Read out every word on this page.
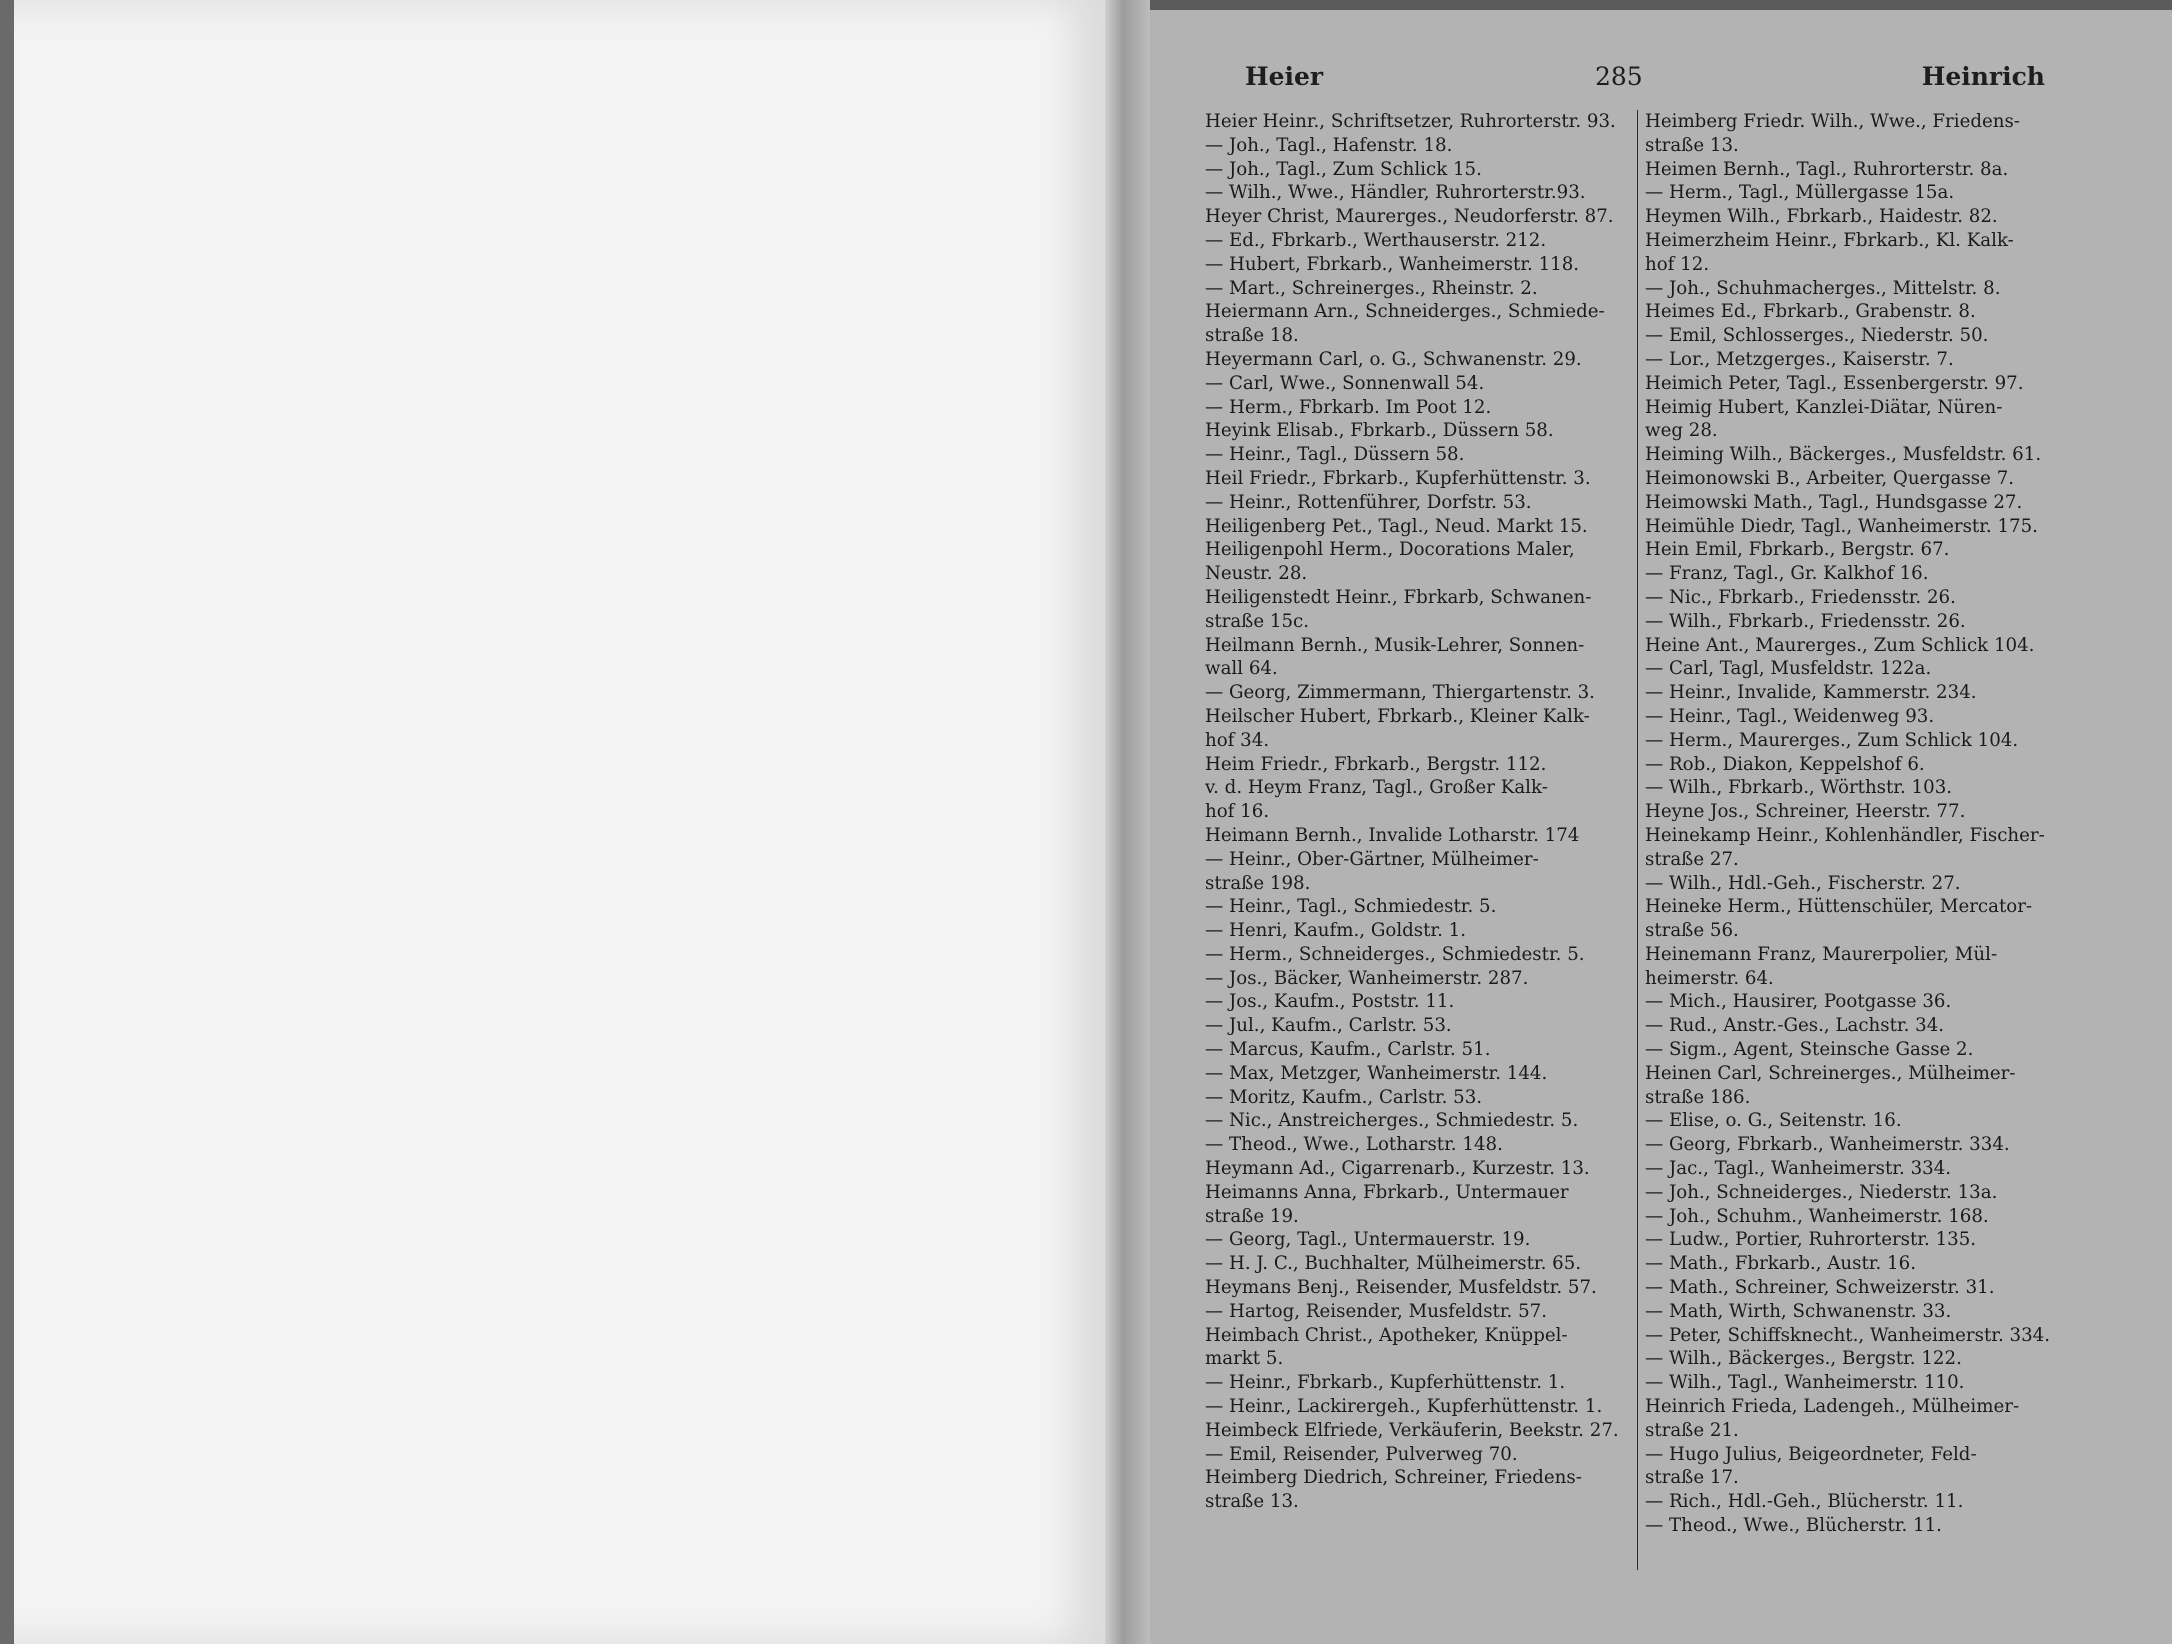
Heier	285	Heinrich
Heier Heinr., Schriftsetzer, Ruhrorterstr. 93.
— Joh., Tagl., Hafenstr. 18.
— Joh., Tagl., Zum Schlick 15.
— Wilh., Wwe., Händler, Ruhrorterstr.93.
Heyer Christ, Maurerges., Neudorferstr. 87.
— Ed., Fbrkarb., Werthauserstr. 212.
— Hubert, Fbrkarb., Wanheimerstr. 118.
— Mart., Schreinerges., Rheinstr. 2.
Heiermann Arn., Schneiderges., Schmiede-
straße 18.
Heyermann Carl, o. G., Schwanenstr. 29.
— Carl, Wwe., Sonnenwall 54.
— Herm., Fbrkarb. Im Poot 12.
Heyink Elisab., Fbrkarb., Düssern 58.
— Heinr., Tagl., Düssern 58.
Heil Friedr., Fbrkarb., Kupferhüttenstr. 3.
— Heinr., Rottenführer, Dorfstr. 53.
Heiligenberg Pet., Tagl., Neud. Markt 15.
Heiligenpohl Herm., Docorations Maler,
Neustr. 28.
Heiligenstedt Heinr., Fbrkarb, Schwanen-
straße 15c.
Heilmann Bernh., Musik-Lehrer, Sonnen-
wall 64.
— Georg, Zimmermann, Thiergartenstr. 3.
Heilscher Hubert, Fbrkarb., Kleiner Kalk-
hof 34.
Heim Friedr., Fbrkarb., Bergstr. 112.
v. d. Heym Franz, Tagl., Großer Kalk-
hof 16.
Heimann Bernh., Invalide Lotharstr. 174
— Heinr., Ober-Gärtner, Mülheimer-
straße 198.
— Heinr., Tagl., Schmiedestr. 5.
— Henri, Kaufm., Goldstr. 1.
— Herm., Schneiderges., Schmiedestr. 5.
— Jos., Bäcker, Wanheimerstr. 287.
— Jos., Kaufm., Poststr. 11.
— Jul., Kaufm., Carlstr. 53.
— Marcus, Kaufm., Carlstr. 51.
— Max, Metzger, Wanheimerstr. 144.
— Moritz, Kaufm., Carlstr. 53.
— Nic., Anstreicherges., Schmiedestr. 5.
— Theod., Wwe., Lotharstr. 148.
Heymann Ad., Cigarrenarb., Kurzestr. 13.
Heimanns Anna, Fbrkarb., Untermauer
straße 19.
— Georg, Tagl., Untermauerstr. 19.
— H. J. C., Buchhalter, Mülheimerstr. 65.
Heymans Benj., Reisender, Musfeldstr. 57.
— Hartog, Reisender, Musfeldstr. 57.
Heimbach Christ., Apotheker, Knüppel-
markt 5.
— Heinr., Fbrkarb., Kupferhüttenstr. 1.
— Heinr., Lackirergeh., Kupferhüttenstr. 1.
Heimbeck Elfriede, Verkäuferin, Beekstr. 27.
— Emil, Reisender, Pulverweg 70.
Heimberg Diedrich, Schreiner, Friedens-
straße 13.
Heimberg Friedr. Wilh., Wwe., Friedens-
straße 13.
Heimen Bernh., Tagl., Ruhrorterstr. 8a.
— Herm., Tagl., Müllergasse 15a.
Heymen Wilh., Fbrkarb., Haidestr. 82.
Heimerzheim Heinr., Fbrkarb., Kl. Kalk-
hof 12.
— Joh., Schuhmacherges., Mittelstr. 8.
Heimes Ed., Fbrkarb., Grabenstr. 8.
— Emil, Schlosserges., Niederstr. 50.
— Lor., Metzgerges., Kaiserstr. 7.
Heimich Peter, Tagl., Essenbergerstr. 97.
Heimig Hubert, Kanzlei-Diätar, Nüren-
weg 28.
Heiming Wilh., Bäckerges., Musfeldstr. 61.
Heimonowski B., Arbeiter, Quergasse 7.
Heimowski Math., Tagl., Hundsgasse 27.
Heimühle Diedr, Tagl., Wanheimerstr. 175.
Hein Emil, Fbrkarb., Bergstr. 67.
— Franz, Tagl., Gr. Kalkhof 16.
— Nic., Fbrkarb., Friedensstr. 26.
— Wilh., Fbrkarb., Friedensstr. 26.
Heine Ant., Maurerges., Zum Schlick 104.
— Carl, Tagl, Musfeldstr. 122a.
— Heinr., Invalide, Kammerstr. 234.
— Heinr., Tagl., Weidenweg 93.
— Herm., Maurerges., Zum Schlick 104.
— Rob., Diakon, Keppelshof 6.
— Wilh., Fbrkarb., Wörthstr. 103.
Heyne Jos., Schreiner, Heerstr. 77.
Heinekamp Heinr., Kohlenhändler, Fischer-
straße 27.
— Wilh., Hdl.-Geh., Fischerstr. 27.
Heineke Herm., Hüttenschüler, Mercator-
straße 56.
Heinemann Franz, Maurerpolier, Mül-
heimerstr. 64.
— Mich., Hausirer, Pootgasse 36.
— Rud., Anstr.-Ges., Lachstr. 34.
— Sigm., Agent, Steinsche Gasse 2.
Heinen Carl, Schreinerges., Mülheimer-
straße 186.
— Elise, o. G., Seitenstr. 16.
— Georg, Fbrkarb., Wanheimerstr. 334.
— Jac., Tagl., Wanheimerstr. 334.
— Joh., Schneiderges., Niederstr. 13a.
— Joh., Schuhm., Wanheimerstr. 168.
— Ludw., Portier, Ruhrorterstr. 135.
— Math., Fbrkarb., Austr. 16.
— Math., Schreiner, Schweizerstr. 31.
— Math, Wirth, Schwanenstr. 33.
— Peter, Schiffsknecht., Wanheimerstr. 334.
— Wilh., Bäckerges., Bergstr. 122.
— Wilh., Tagl., Wanheimerstr. 110.
Heinrich Frieda, Ladengeh., Mülheimer-
straße 21.
— Hugo Julius, Beigeordneter, Feld-
straße 17.
— Rich., Hdl.-Geh., Blücherstr. 11.
— Theod., Wwe., Blücherstr. 11.
